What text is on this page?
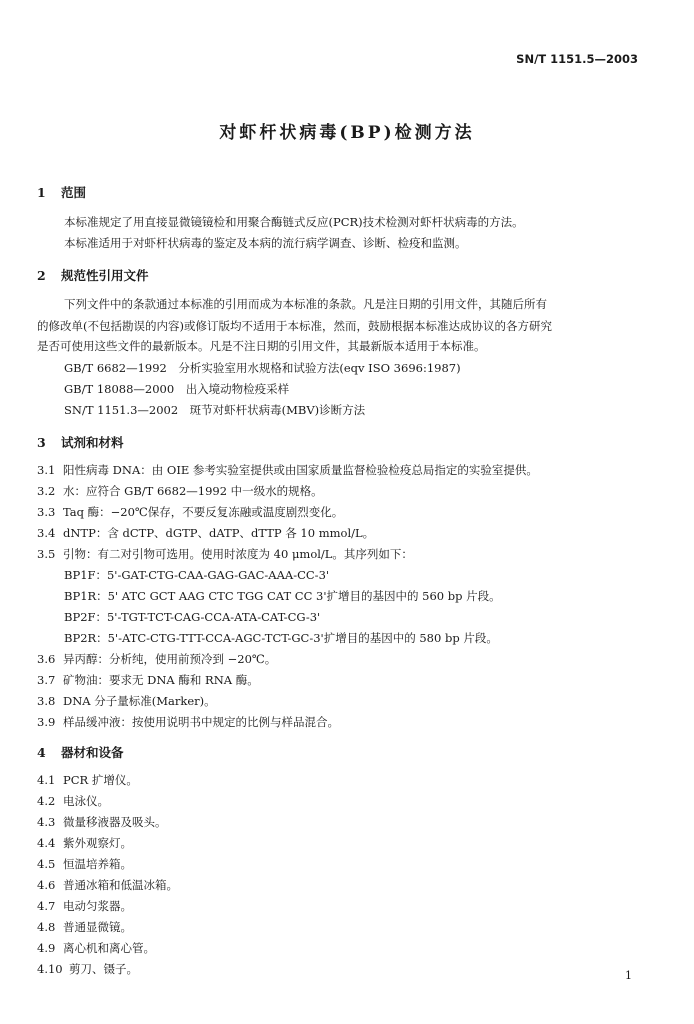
SN/T 1151.5—2003
对虾杆状病毒(BP)检测方法
1 范围
本标准规定了用直接显微镜镜检和用聚合酶链式反应(PCR)技术检测对虾杆状病毒的方法。
本标准适用于对虾杆状病毒的鉴定及本病的流行病学调查、诊断、检疫和监测。
2 规范性引用文件
下列文件中的条款通过本标准的引用而成为本标准的条款。凡是注日期的引用文件，其随后所有
的修改单(不包括勘误的内容)或修订版均不适用于本标准，然而，鼓励根据本标准达成协议的各方研究
是否可使用这些文件的最新版本。凡是不注日期的引用文件，其最新版本适用于本标准。
GB/T 6682—1992　分析实验室用水规格和试验方法(eqv ISO 3696:1987)
GB/T 18088—2000　出入境动物检疫采样
SN/T 1151.3—2002　斑节对虾杆状病毒(MBV)诊断方法
3 试剂和材料
3.1 阳性病毒 DNA：由 OIE 参考实验室提供或由国家质量监督检验检疫总局指定的实验室提供。
3.2 水：应符合 GB/T 6682—1992 中一级水的规格。
3.3 Taq 酶：−20℃保存，不要反复冻融或温度剧烈变化。
3.4 dNTP：含 dCTP、dGTP、dATP、dTTP 各 10 mmol/L。
3.5 引物：有二对引物可选用。使用时浓度为 40 μmol/L。其序列如下：
BP1F：5'-GAT-CTG-CAA-GAG-GAC-AAA-CC-3'
BP1R：5' ATC GCT AAG CTC TGG CAT CC 3'扩增目的基因中的 560 bp 片段。
BP2F：5'-TGT-TCT-CAG-CCA-ATA-CAT-CG-3'
BP2R：5'-ATC-CTG-TTT-CCA-AGC-TCT-GC-3'扩增目的基因中的 580 bp 片段。
3.6 异丙醇：分析纯，使用前预冷到 −20℃。
3.7 矿物油：要求无 DNA 酶和 RNA 酶。
3.8 DNA 分子量标准(Marker)。
3.9 样品缓冲液：按使用说明书中规定的比例与样品混合。
4 器材和设备
4.1 PCR 扩增仪。
4.2 电泳仪。
4.3 微量移液器及吸头。
4.4 紫外观察灯。
4.5 恒温培养箱。
4.6 普通冰箱和低温冰箱。
4.7 电动匀浆器。
4.8 普通显微镜。
4.9 离心机和离心管。
4.10 剪刀、镊子。	1
